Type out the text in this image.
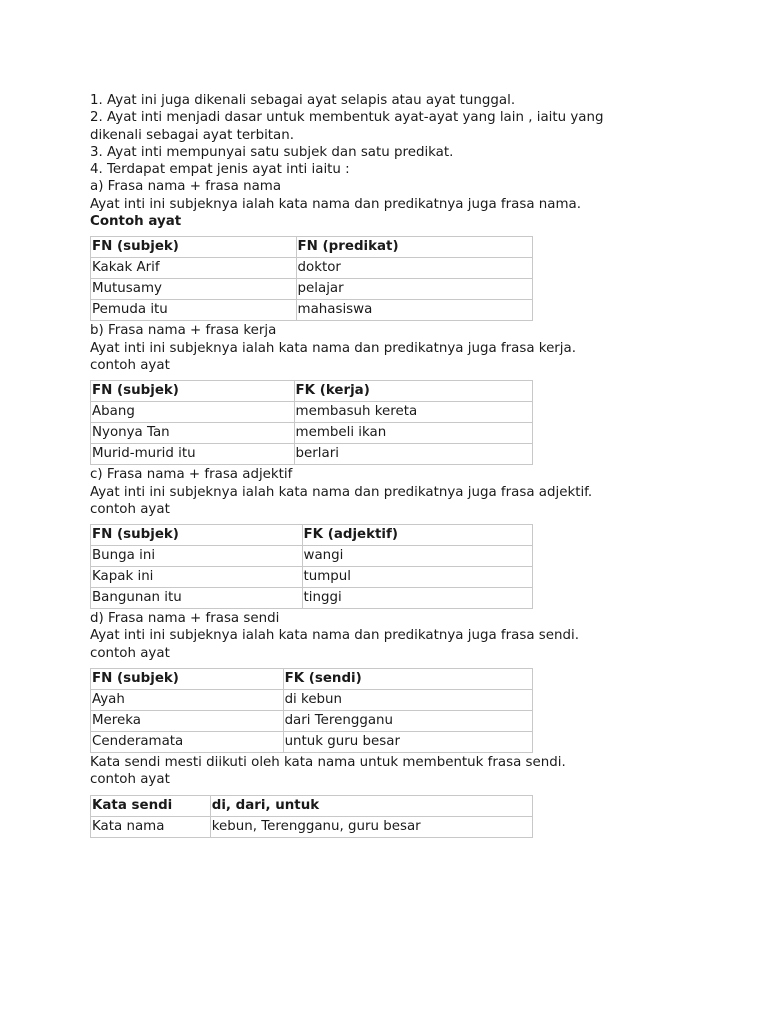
1. Ayat ini juga dikenali sebagai ayat selapis atau ayat tunggal.
2. Ayat inti menjadi dasar untuk membentuk ayat-ayat yang lain , iaitu yang
dikenali sebagai ayat terbitan.
3. Ayat inti mempunyai satu subjek dan satu predikat.
4. Terdapat empat jenis ayat inti iaitu :
a) Frasa nama + frasa nama
Ayat inti ini subjeknya ialah kata nama dan predikatnya juga frasa nama.
Contoh ayat
FN (subjek)	FN (predikat)
Kakak Arif	doktor
Mutusamy	pelajar
Pemuda itu	mahasiswa
b) Frasa nama + frasa kerja
Ayat inti ini subjeknya ialah kata nama dan predikatnya juga frasa kerja.
contoh ayat
FN (subjek)	FK (kerja)
Abang	membasuh kereta
Nyonya Tan	membeli ikan
Murid-murid itu	berlari
c) Frasa nama + frasa adjektif
Ayat inti ini subjeknya ialah kata nama dan predikatnya juga frasa adjektif.
contoh ayat
FN (subjek)	FK (adjektif)
Bunga ini	wangi
Kapak ini	tumpul
Bangunan itu	tinggi
d) Frasa nama + frasa sendi
Ayat inti ini subjeknya ialah kata nama dan predikatnya juga frasa sendi.
contoh ayat
FN (subjek)	FK (sendi)
Ayah	di kebun
Mereka	dari Terengganu
Cenderamata	untuk guru besar
Kata sendi mesti diikuti oleh kata nama untuk membentuk frasa sendi.
contoh ayat
Kata sendi	di, dari, untuk
Kata nama	kebun, Terengganu, guru besar
